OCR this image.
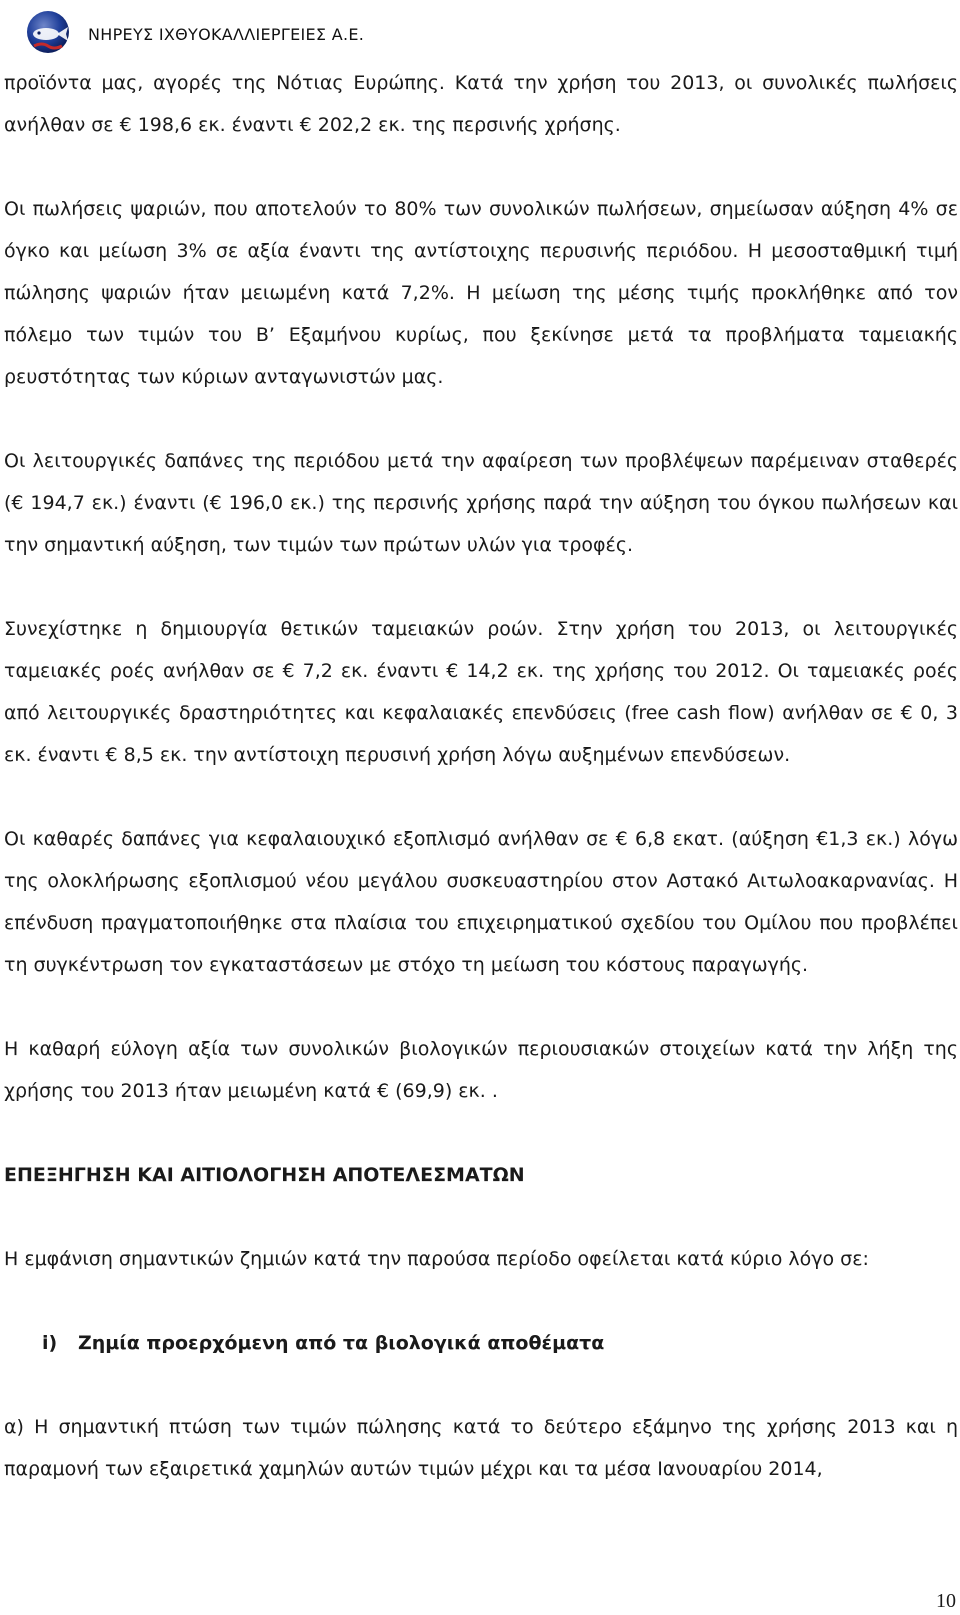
ΝΗΡΕΥΣ ΙΧΘΥΟΚΑΛΛΙΕΡΓΕΙΕΣ Α.Ε.

προϊόντα μας, αγορές της Νότιας Ευρώπης. Κατά την χρήση του 2013, οι συνολικές πωλήσεις ανήλθαν σε € 198,6 εκ. έναντι € 202,2 εκ. της περσινής χρήσης.

Οι πωλήσεις ψαριών, που αποτελούν το 80% των συνολικών πωλήσεων, σημείωσαν αύξηση 4% σε όγκο και μείωση 3% σε αξία έναντι της αντίστοιχης περυσινής περιόδου. Η μεσοσταθμική τιμή πώλησης ψαριών ήταν μειωμένη κατά 7,2%. Η μείωση της μέσης τιμής προκλήθηκε από τον πόλεμο των τιμών του Β’ Εξαμήνου κυρίως, που ξεκίνησε μετά τα προβλήματα ταμειακής ρευστότητας των κύριων ανταγωνιστών μας.

Οι λειτουργικές δαπάνες της περιόδου μετά την αφαίρεση των προβλέψεων παρέμειναν σταθερές (€ 194,7 εκ.) έναντι (€ 196,0 εκ.) της περσινής χρήσης παρά την αύξηση του όγκου πωλήσεων και την σημαντική αύξηση, των τιμών των πρώτων υλών για τροφές.

Συνεχίστηκε η δημιουργία θετικών ταμειακών ροών. Στην χρήση του 2013, οι λειτουργικές ταμειακές ροές ανήλθαν σε € 7,2 εκ. έναντι € 14,2 εκ. της χρήσης του 2012. Οι ταμειακές ροές από λειτουργικές δραστηριότητες και κεφαλαιακές επενδύσεις (free cash flow) ανήλθαν σε € 0, 3 εκ. έναντι € 8,5 εκ. την αντίστοιχη περυσινή χρήση λόγω αυξημένων επενδύσεων.

Οι καθαρές δαπάνες για κεφαλαιουχικό εξοπλισμό ανήλθαν σε € 6,8 εκατ. (αύξηση €1,3 εκ.) λόγω της ολοκλήρωσης εξοπλισμού νέου μεγάλου συσκευαστηρίου στον Αστακό Αιτωλοακαρνανίας. Η επένδυση πραγματοποιήθηκε στα πλαίσια του επιχειρηματικού σχεδίου του Ομίλου που προβλέπει τη συγκέντρωση τον εγκαταστάσεων με στόχο τη μείωση του κόστους παραγωγής.

Η καθαρή εύλογη αξία των συνολικών βιολογικών περιουσιακών στοιχείων κατά την λήξη της χρήσης του 2013 ήταν μειωμένη κατά € (69,9) εκ. .

ΕΠΕΞΗΓΗΣΗ ΚΑΙ ΑΙΤΙΟΛΟΓΗΣΗ ΑΠΟΤΕΛΕΣΜΑΤΩΝ

Η εμφάνιση σημαντικών ζημιών κατά την παρούσα περίοδο οφείλεται κατά κύριο λόγο σε:

i) Ζημία προερχόμενη από τα βιολογικά αποθέματα

α) Η σημαντική πτώση των τιμών πώλησης κατά το δεύτερο εξάμηνο της χρήσης 2013 και η παραμονή των εξαιρετικά χαμηλών αυτών τιμών μέχρι και τα μέσα Ιανουαρίου 2014,

10
